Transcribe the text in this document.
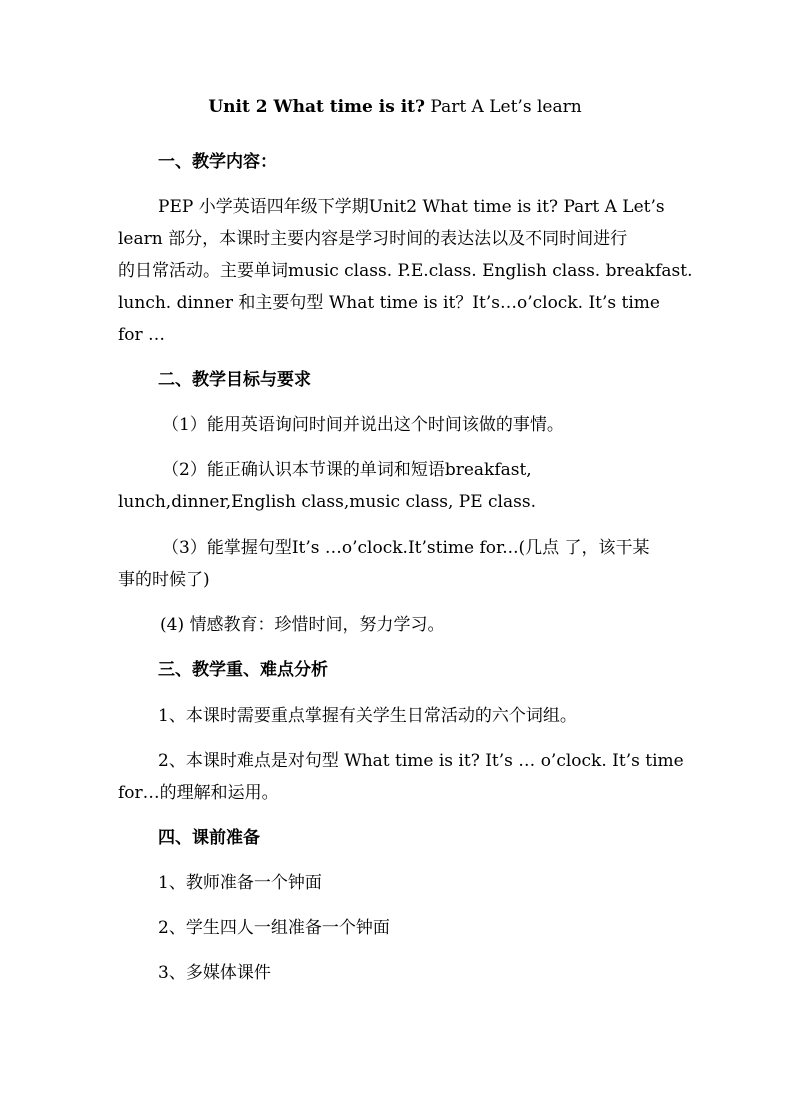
Unit 2 What time is it? Part A Let’s learn
一、教学内容：
PEP 小学英语四年级下学期Unit2 What time is it? Part A Let’s
learn 部分，本课时主要内容是学习时间的表达法以及不同时间进行
的日常活动。主要单词music class. P.E.class. English class. breakfast.
lunch. dinner 和主要句型 What time is it？It’s…o’clock. It’s time
for …
二、教学目标与要求
（1）能用英语询问时间并说出这个时间该做的事情。
（2）能正确认识本节课的单词和短语breakfast,
lunch,dinner,English class,music class, PE class.
（3）能掌握句型It’s …o’clock.It’stime for...(几点 了，该干某
事的时候了)
(4) 情感教育：珍惜时间，努力学习。
三、教学重、难点分析
1、本课时需要重点掌握有关学生日常活动的六个词组。
2、本课时难点是对句型 What time is it? It’s … o’clock. It’s time
for…的理解和运用。
四、课前准备
1、教师准备一个钟面
2、学生四人一组准备一个钟面
3、多媒体课件
